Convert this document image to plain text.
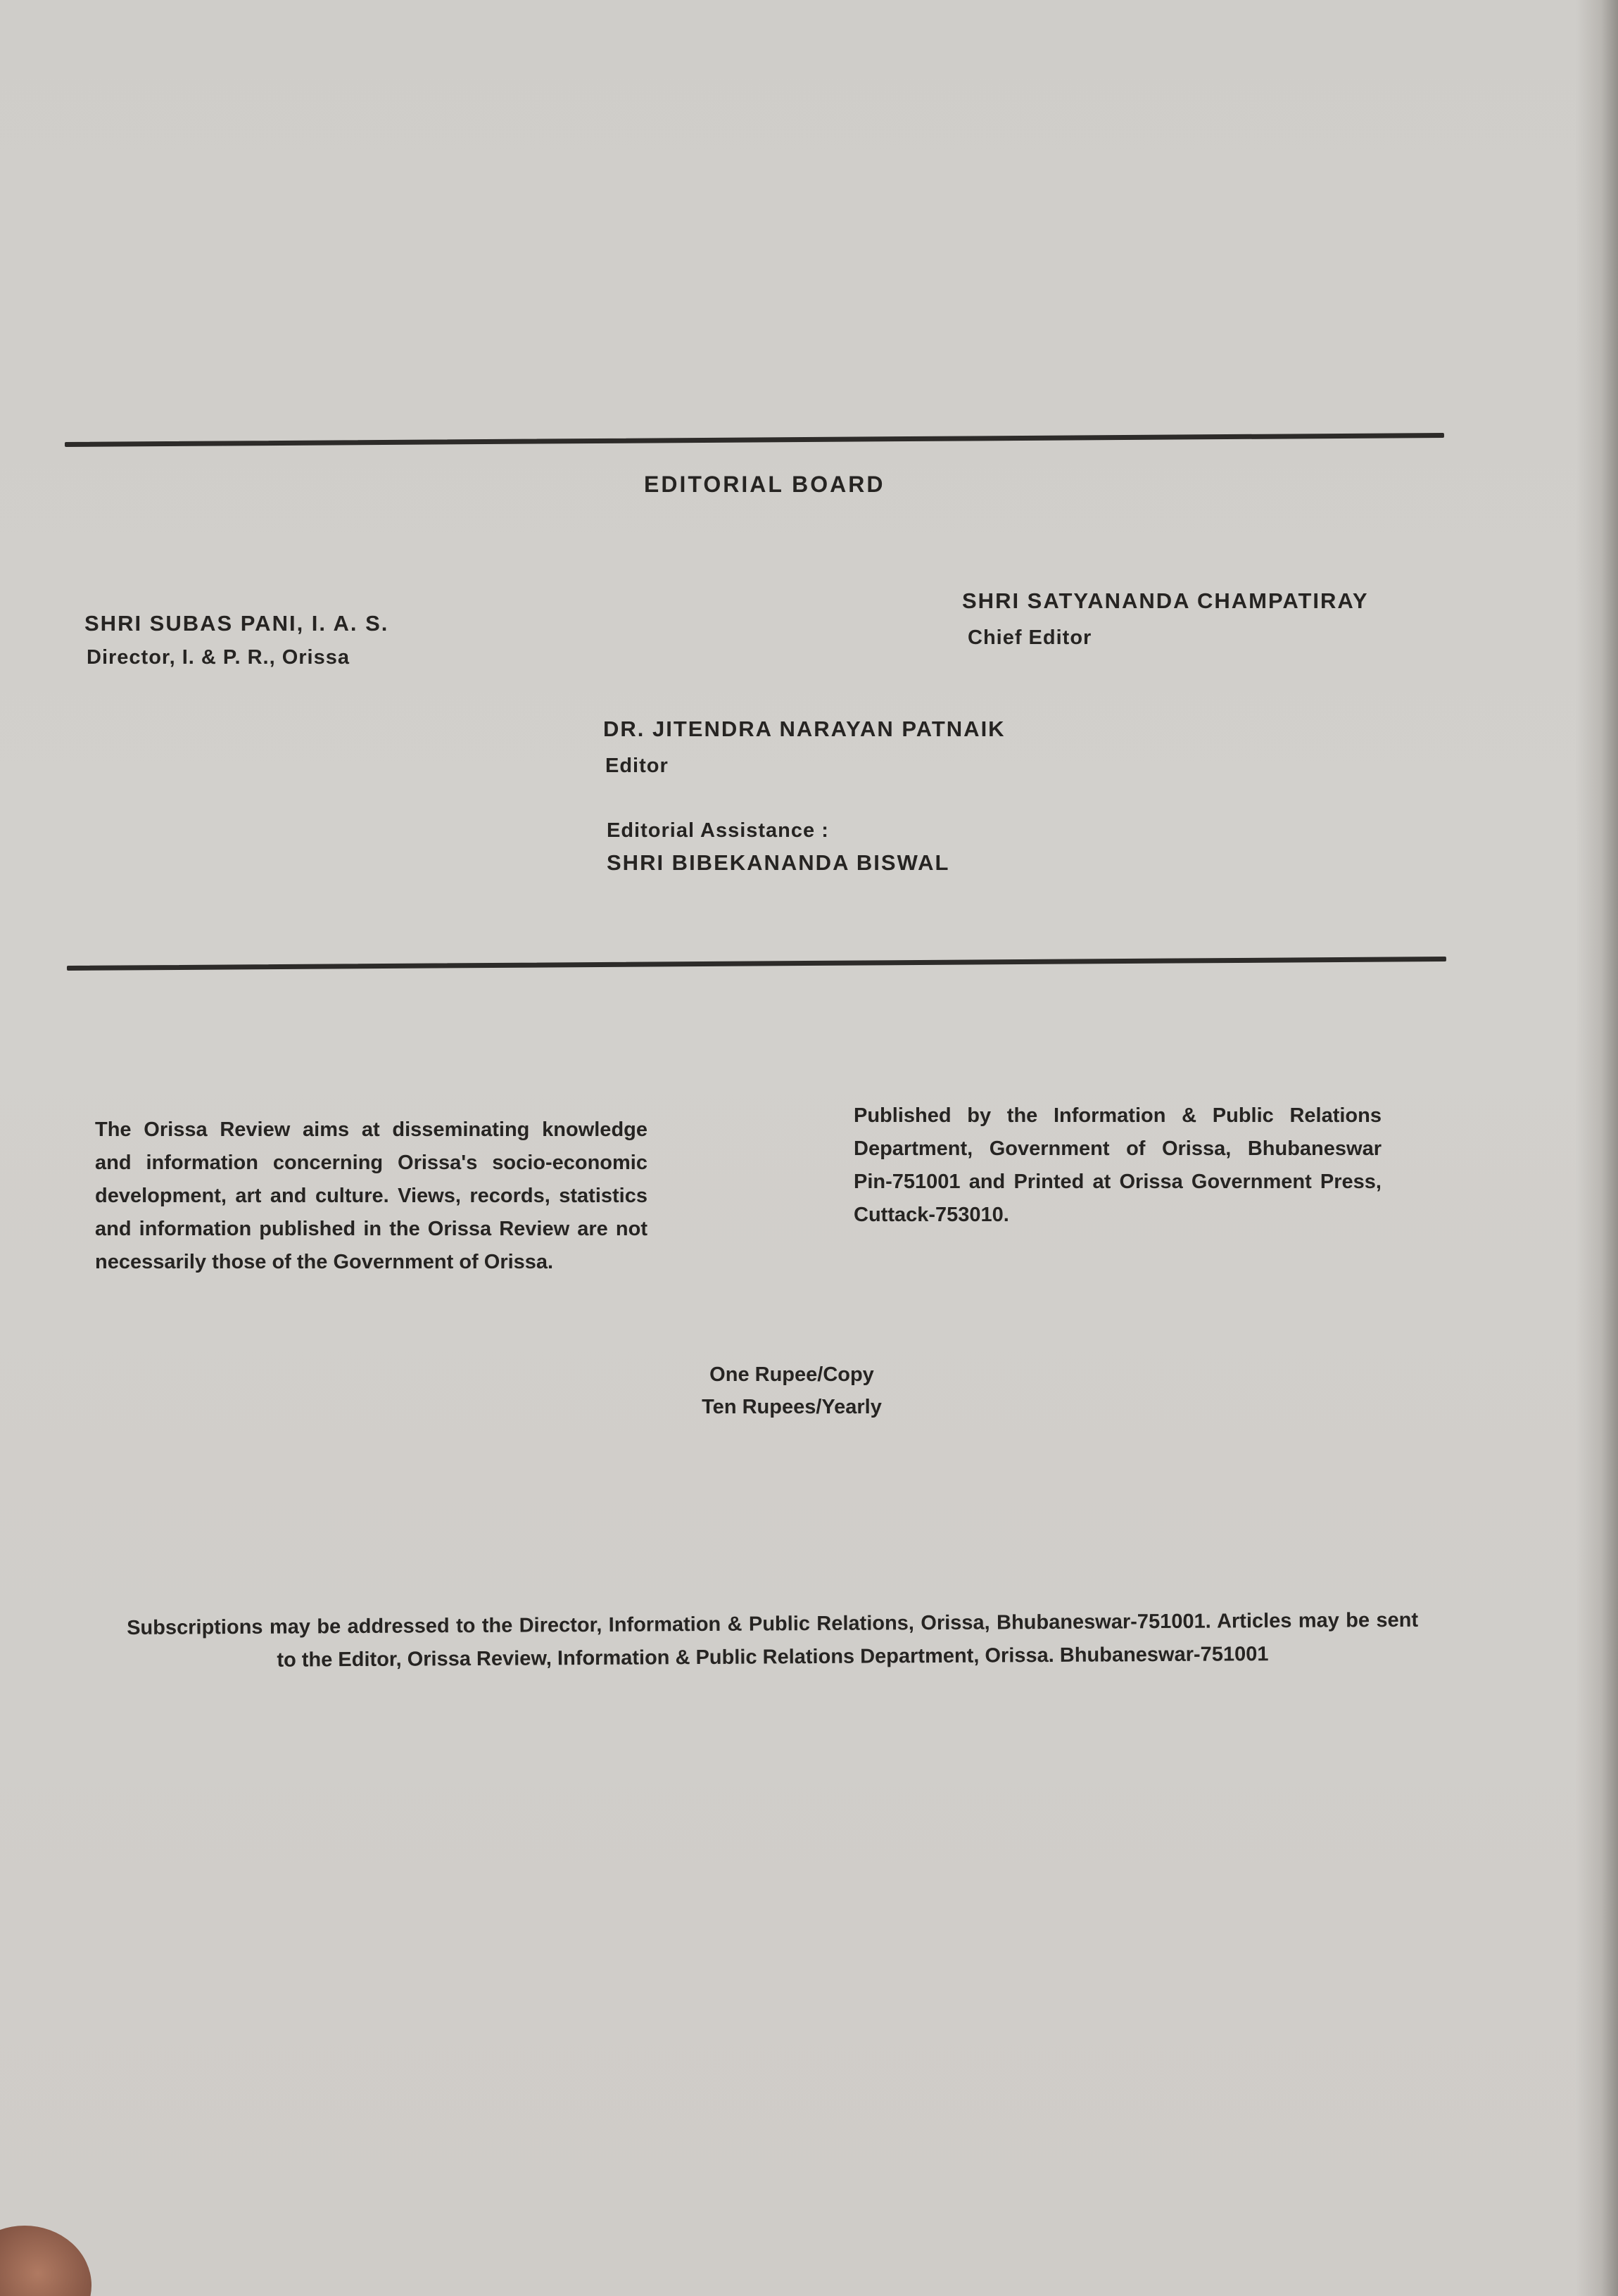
EDITORIAL BOARD
SHRI SUBAS PANI, I. A. S.
Director, I. & P. R., Orissa
SHRI SATYANANDA CHAMPATIRAY
Chief Editor
DR. JITENDRA NARAYAN PATNAIK
Editor
Editorial Assistance :
SHRI BIBEKANANDA BISWAL
The Orissa Review aims at disseminating knowledge and information concerning Orissa's socio-economic development, art and culture. Views, records, statistics and information published in the Orissa Review are not necessarily those of the Government of Orissa.
Published by the Information & Public Relations Department, Government of Orissa, Bhubaneswar Pin-751001 and Printed at Orissa Government Press, Cuttack-753010.
One Rupee/Copy
Ten Rupees/Yearly
Subscriptions may be addressed to the Director, Information & Public Relations, Orissa, Bhubaneswar-751001. Articles may be sent to the Editor, Orissa Review, Information & Public Relations Department, Orissa. Bhubaneswar-751001
